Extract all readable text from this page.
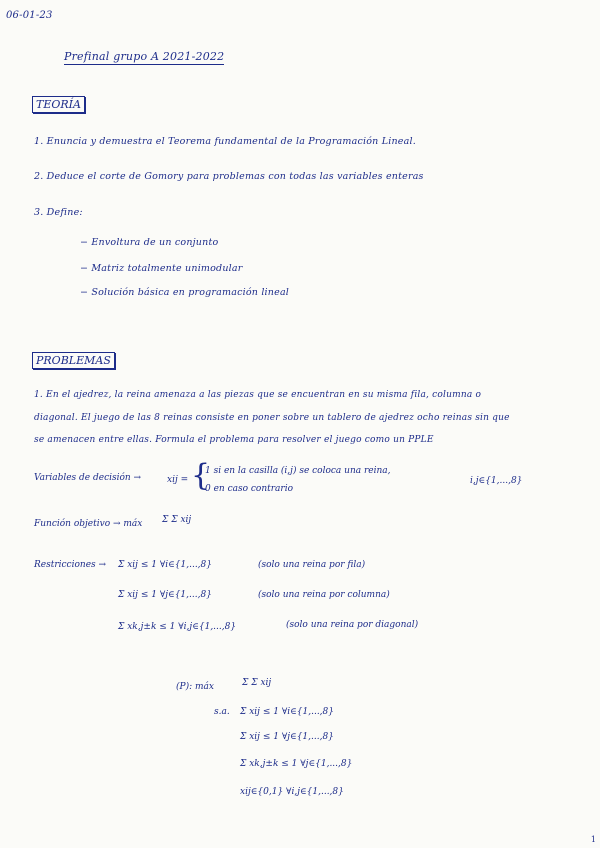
06-01-23
Prefinal grupo A 2021-2022
TEORÍA
1. Enuncia y demuestra el Teorema fundamental de la Programación Lineal.
2. Deduce el corte de Gomory para problemas con todas las variables enteras
3. Define:
− Envoltura de un conjunto
− Matriz totalmente unimodular
− Solución básica en programación lineal
PROBLEMAS
1. En el ajedrez, la reina amenaza a las piezas que se encuentran en su misma fila, columna o
diagonal. El juego de las 8 reinas consiste en poner sobre un tablero de ajedrez ocho reinas sin que
se amenacen entre ellas. Formula el problema para resolver el juego como un PPLE
Variables de decisión →	xij = {
1 si en la casilla (i,j) se coloca una reina,
0 en caso contrario
i,j∈{1,...,8}
Función objetivo → máx Σ Σ xij
Restricciones → Σ xij ≤ 1 ∀i∈{1,...,8}	(solo una reina por fila)
Σ xij ≤ 1 ∀j∈{1,...,8}	(solo una reina por columna)
Σ xk,j±k ≤ 1 ∀i,j∈{1,...,8}	(solo una reina por diagonal)
(P): máx	Σ Σ xij
s.a. Σ xij ≤ 1 ∀i∈{1,...,8}
Σ xij ≤ 1 ∀j∈{1,...,8}
Σ xk,j±k ≤ 1 ∀j∈{1,...,8}
xij∈{0,1} ∀i,j∈{1,...,8}
1
